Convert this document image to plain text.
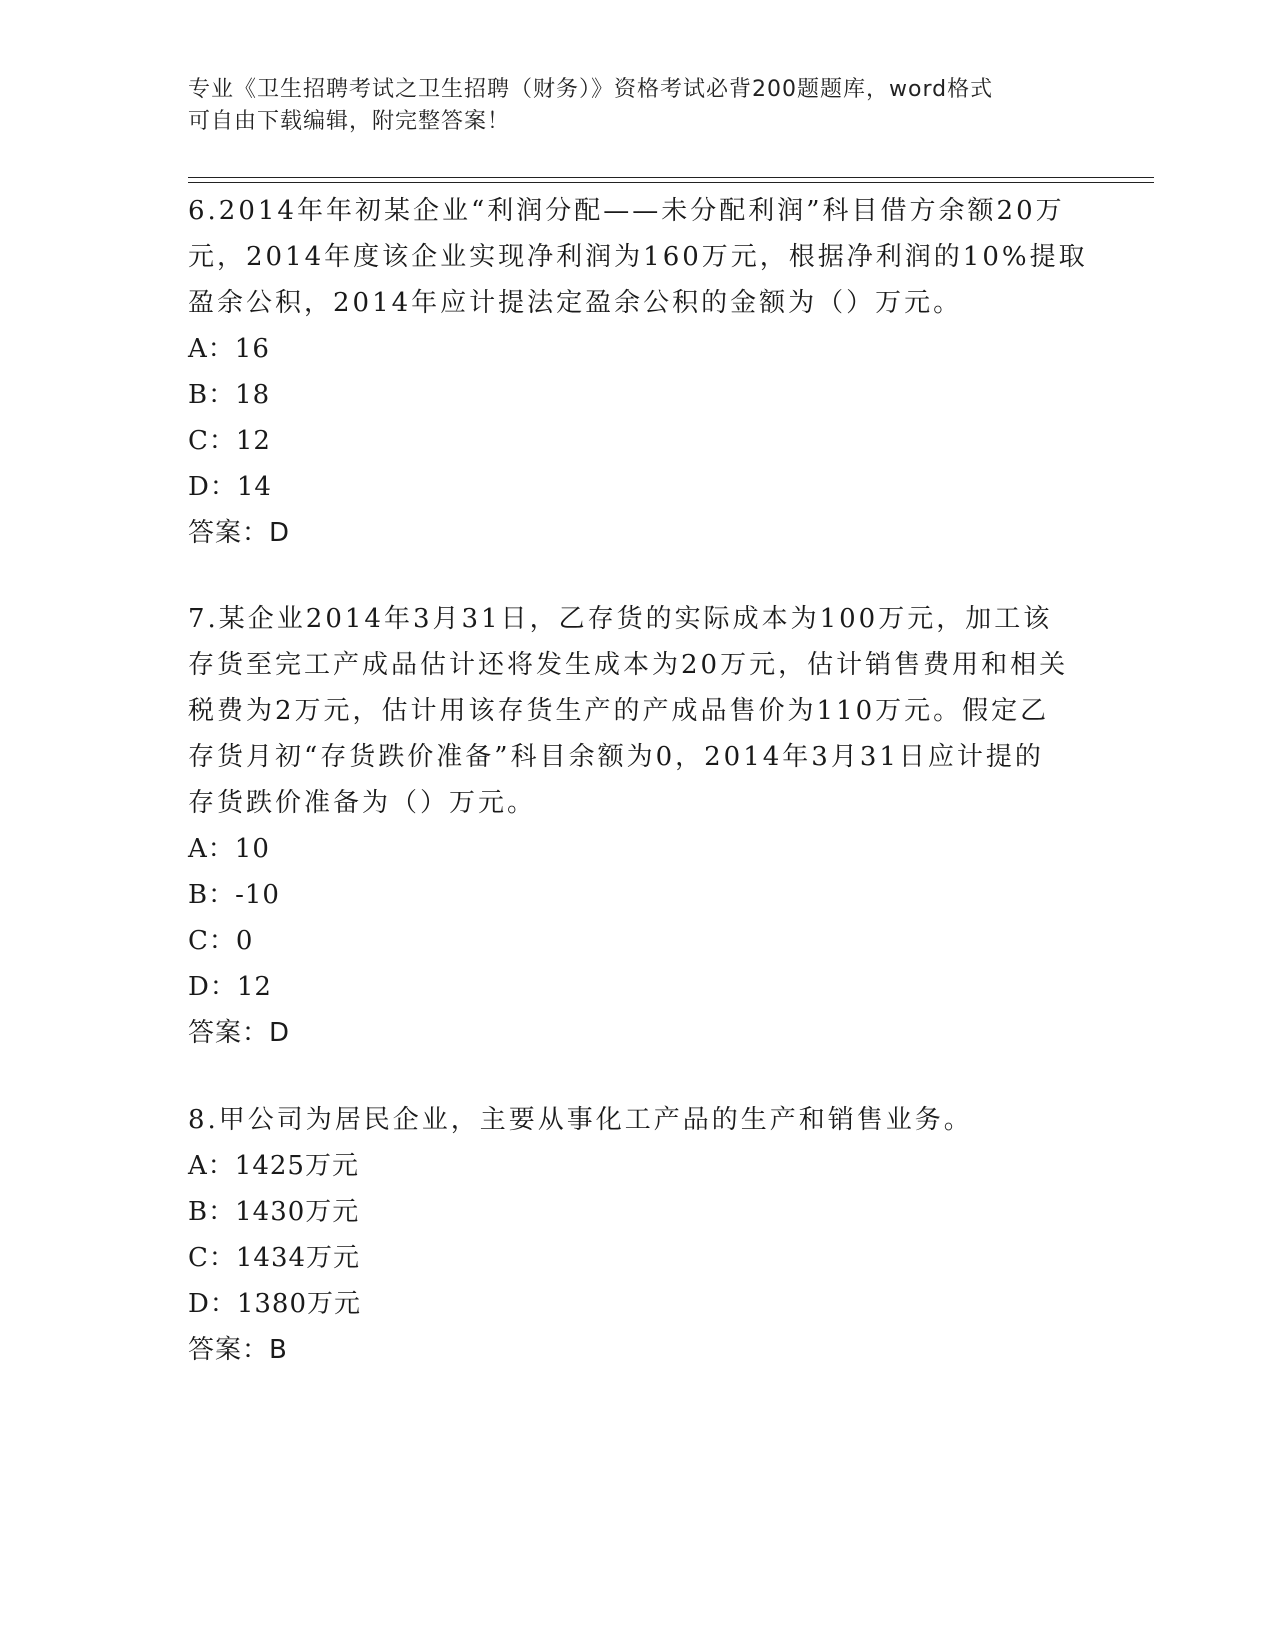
专业《卫生招聘考试之卫生招聘（财务）》资格考试必背200题题库，word格式
可自由下载编辑，附完整答案！
6.2014年年初某企业“利润分配——未分配利润”科目借方余额20万
元，2014年度该企业实现净利润为160万元，根据净利润的10%提取
盈余公积，2014年应计提法定盈余公积的金额为（）万元。
A：16
B：18
C：12
D：14
答案：D
7.某企业2014年3月31日，乙存货的实际成本为100万元，加工该
存货至完工产成品估计还将发生成本为20万元，估计销售费用和相关
税费为2万元，估计用该存货生产的产成品售价为110万元。假定乙
存货月初“存货跌价准备”科目余额为0，2014年3月31日应计提的
存货跌价准备为（）万元。
A：10
B：-10
C：0
D：12
答案：D
8.甲公司为居民企业，主要从事化工产品的生产和销售业务。
A：1425万元
B：1430万元
C：1434万元
D：1380万元
答案：B
